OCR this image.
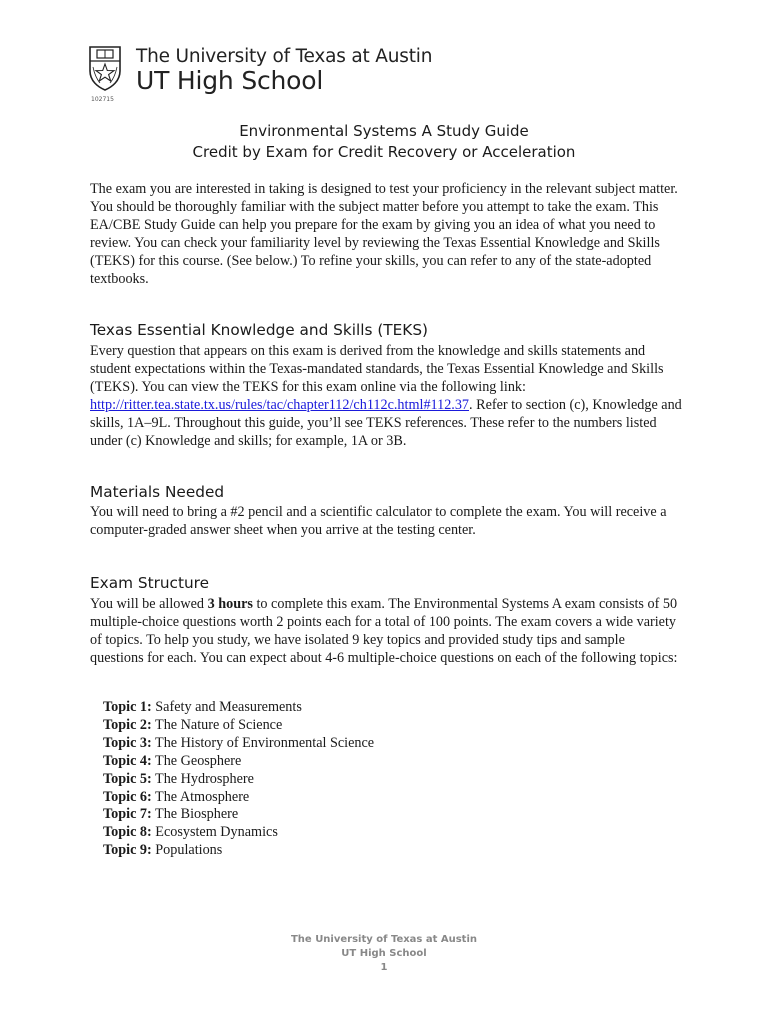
102715
The University of Texas at Austin
UT High School

Environmental Systems A Study Guide

Credit by Exam for Credit Recovery or Acceleration

The exam you are interested in taking is designed to test your proficiency in the relevant subject matter. You should be thoroughly familiar with the subject matter before you attempt to take the exam. This EA/CBE Study Guide can help you prepare for the exam by giving you an idea of what you need to review. You can check your familiarity level by reviewing the Texas Essential Knowledge and Skills (TEKS) for this course. (See below.) To refine your skills, you can refer to any of the state-adopted textbooks.

Texas Essential Knowledge and Skills (TEKS)

Every question that appears on this exam is derived from the knowledge and skills statements and student expectations within the Texas-mandated standards, the Texas Essential Knowledge and Skills (TEKS). You can view the TEKS for this exam online via the following link: http://ritter.tea.state.tx.us/rules/tac/chapter112/ch112c.html#112.37. Refer to section (c), Knowledge and skills, 1A–9L. Throughout this guide, you’ll see TEKS references. These refer to the numbers listed under (c) Knowledge and skills; for example, 1A or 3B.

Materials Needed

You will need to bring a #2 pencil and a scientific calculator to complete the exam. You will receive a computer-graded answer sheet when you arrive at the testing center.

Exam Structure

You will be allowed 3 hours to complete this exam. The Environmental Systems A exam consists of 50 multiple-choice questions worth 2 points each for a total of 100 points. The exam covers a wide variety of topics. To help you study, we have isolated 9 key topics and provided study tips and sample questions for each. You can expect about 4-6 multiple-choice questions on each of the following topics:

Topic 1: Safety and Measurements
Topic 2: The Nature of Science
Topic 3: The History of Environmental Science
Topic 4: The Geosphere
Topic 5: The Hydrosphere
Topic 6: The Atmosphere
Topic 7: The Biosphere
Topic 8: Ecosystem Dynamics
Topic 9: Populations
The University of Texas at Austin
UT High School
1
